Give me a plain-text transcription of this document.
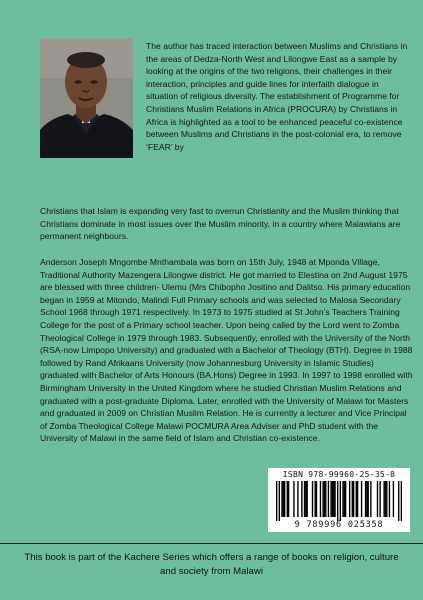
The author has traced interaction between Muslims and Christians in the areas of Dedza-North West and Lilongwe East as a sample by looking at the origins of the two religions, their challenges in their interaction, principles and guide lines for interfaith dialogue in situation of religious diversity. The establishment of Programme for Christians Muslim Relations in Africa (PROCURA) by Christians in Africa is highlighted as a tool to be enhanced peaceful co-existence between Muslims and Christians in the post-colonial era, to remove ‘FEAR’ by
Christians that Islam is expanding very fast to overrun Christianity and the Muslim thinking that Christians dominate in most issues over the Muslim minority, in a country where Malawians are permanent neighbours.
Anderson Joseph Mngombe Mnthambala was born on 15th July, 1948 at Mponda Village, Traditional Authority Mazengera Lilongwe district. He got married to Elestina on 2nd August 1975 are blessed with three children- Ulemu (Mrs Chibopho Jositino and Dalitso. His primary education began in 1959 at Mitondo, Malindi Full Primary schools and was selected to Malosa Secondary School 1968 through 1971 respectively. In 1973 to 1975 studied at St John’s Teachers Training College for the post of a Primary school teacher. Upon being called by the Lord went to Zomba Theological College in 1979 through 1983. Subsequently, enrolled with the University of the North (RSA-now Limpopo University) and graduated with a Bachelor of Theology (BTH). Degree in 1988 followed by Rand Afrikaans University (now Johannesburg University in Islamic Studies) graduated with Bachelor of Arts Honours (BA.Hons) Degree in 1993. In 1997 to 1998 enrolled with Birmingham University in the United Kingdom where he studied Christian Muslim Relations and graduated with a post-graduate Diploma. Later, enrolled with the University of Malawi for Masters and graduated in 2009 on Christian Muslim Relation. He is currently a lecturer and Vice Principal of Zomba Theological College Malawi POCMURA Area Adviser and PhD student with the University of Malawi in the same field of Islam and Christian co-existence.
ISBN 978-99960-25-35-8
9 789996 025358
This book is part of the Kachere Series which offers a range of books on religion, culture and society from Malawi
